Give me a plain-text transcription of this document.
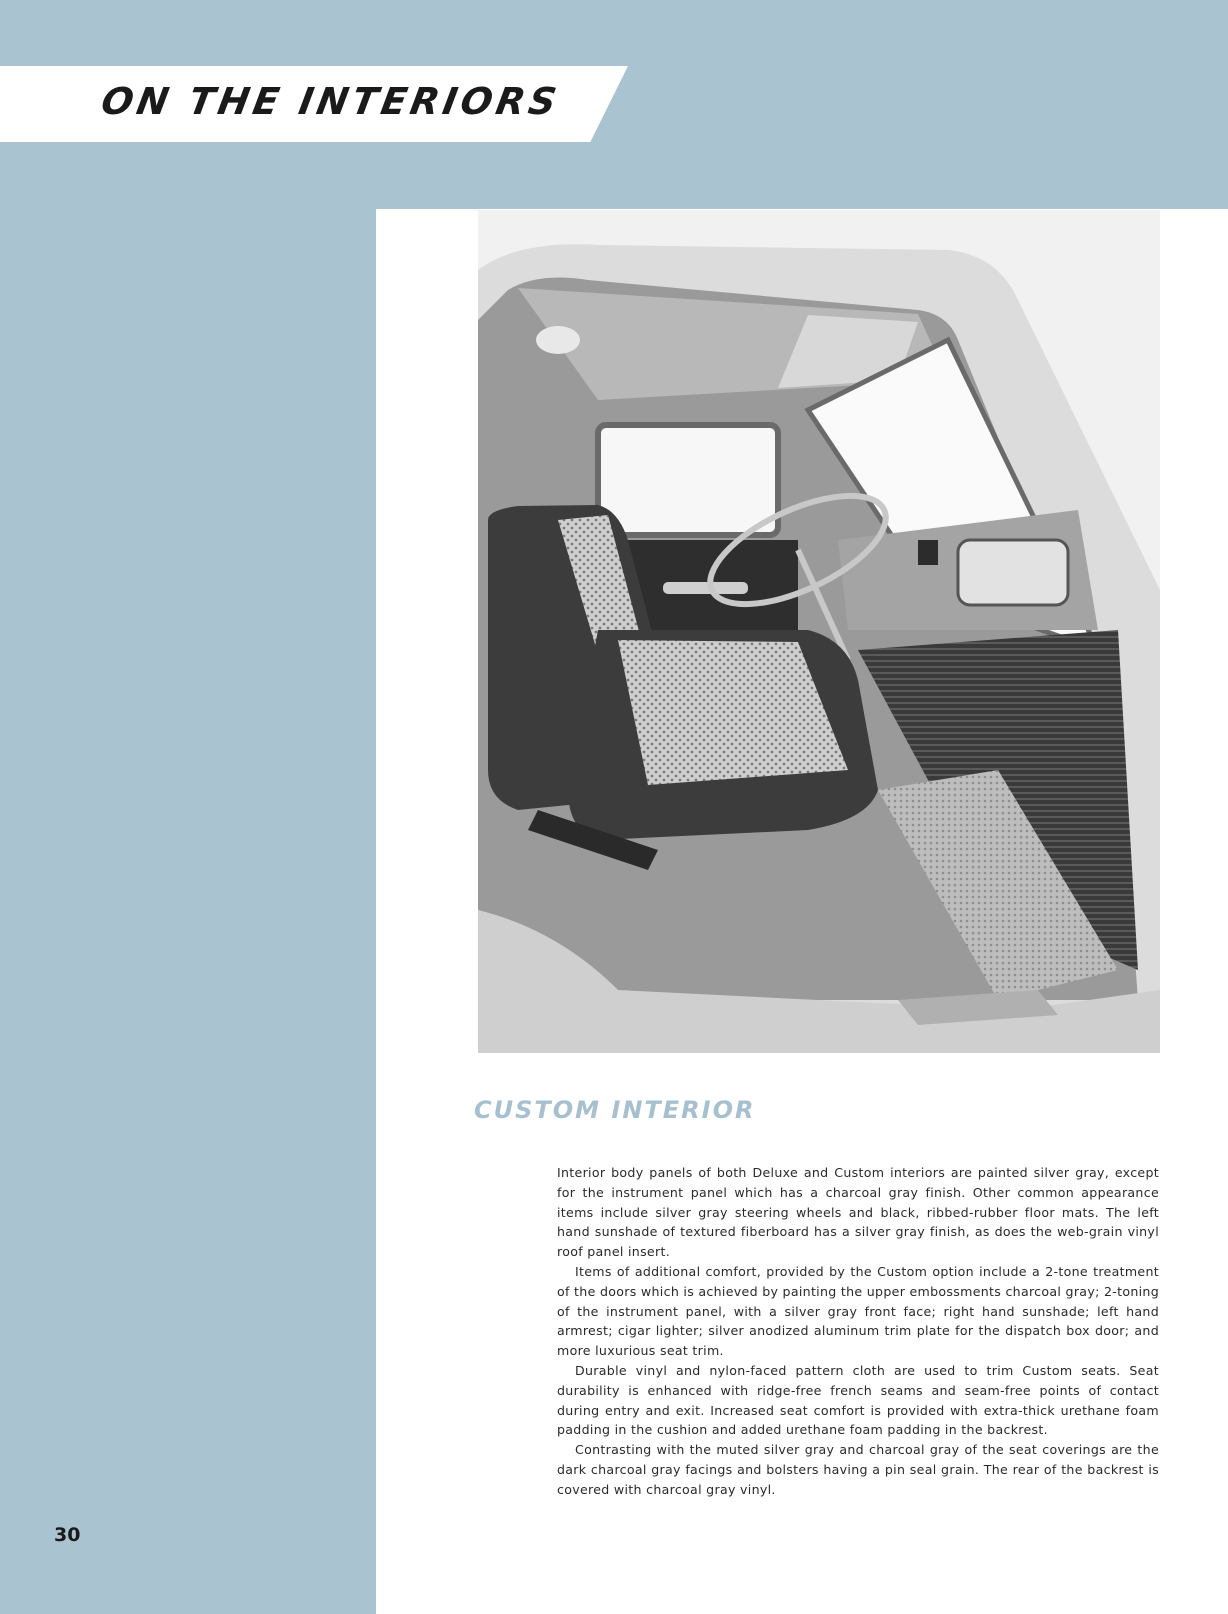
ON THE INTERIORS
CUSTOM INTERIOR

Interior body panels of both Deluxe and Custom interiors are painted silver gray, except for the instrument panel which has a charcoal gray finish. Other common appearance items include silver gray steering wheels and black, ribbed-rubber floor mats. The left hand sunshade of textured fiberboard has a silver gray finish, as does the web-grain vinyl roof panel insert.

Items of additional comfort, provided by the Custom option include a 2-tone treatment of the doors which is achieved by painting the upper embossments charcoal gray; 2-toning of the instrument panel, with a silver gray front face; right hand sunshade; left hand armrest; cigar lighter; silver anodized aluminum trim plate for the dispatch box door; and more luxurious seat trim.

Durable vinyl and nylon-faced pattern cloth are used to trim Custom seats. Seat durability is enhanced with ridge-free french seams and seam-free points of contact during entry and exit. Increased seat comfort is provided with extra-thick urethane foam padding in the cushion and added urethane foam padding in the backrest.

Contrasting with the muted silver gray and charcoal gray of the seat coverings are the dark charcoal gray facings and bolsters having a pin seal grain. The rear of the backrest is covered with charcoal gray vinyl.

30
